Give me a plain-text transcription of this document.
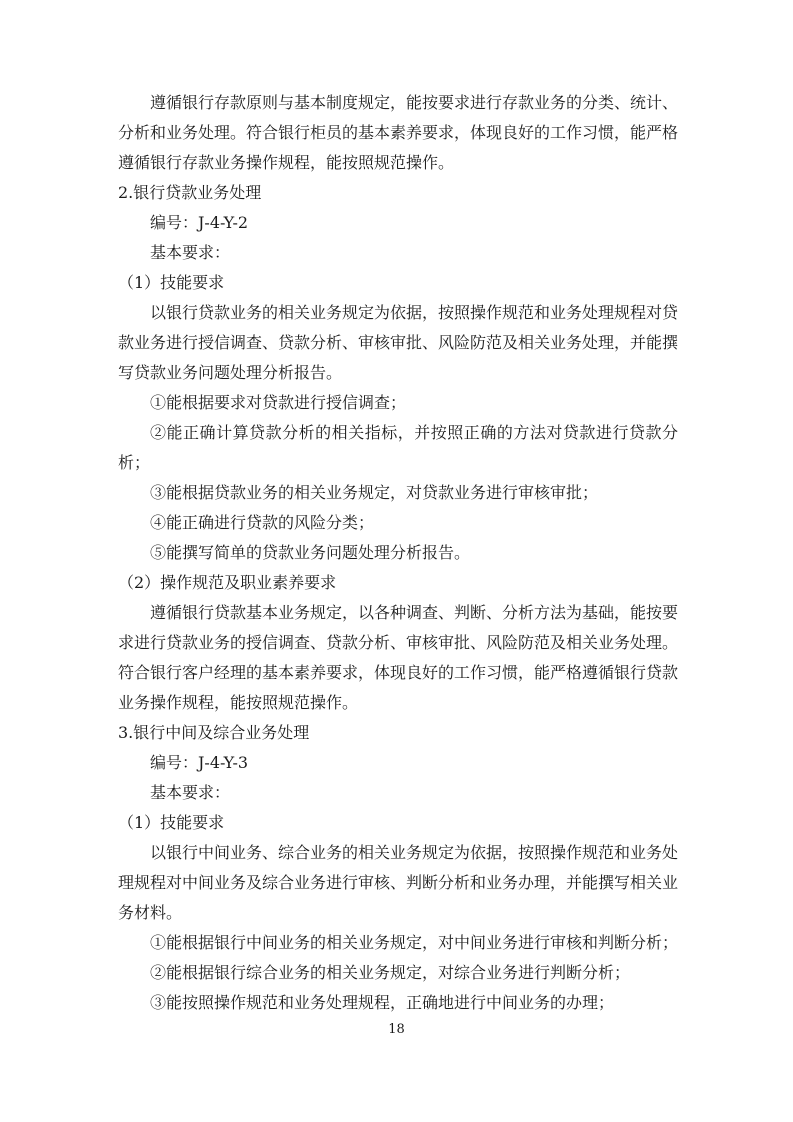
遵循银行存款原则与基本制度规定，能按要求进行存款业务的分类、统计、分析和业务处理。符合银行柜员的基本素养要求，体现良好的工作习惯，能严格遵循银行存款业务操作规程，能按照规范操作。

2.银行贷款业务处理

编号：J-4-Y-2

基本要求：

（1）技能要求

以银行贷款业务的相关业务规定为依据，按照操作规范和业务处理规程对贷款业务进行授信调查、贷款分析、审核审批、风险防范及相关业务处理，并能撰写贷款业务问题处理分析报告。

①能根据要求对贷款进行授信调查；

②能正确计算贷款分析的相关指标，并按照正确的方法对贷款进行贷款分析；

③能根据贷款业务的相关业务规定，对贷款业务进行审核审批；

④能正确进行贷款的风险分类；

⑤能撰写简单的贷款业务问题处理分析报告。

（2）操作规范及职业素养要求

遵循银行贷款基本业务规定，以各种调查、判断、分析方法为基础，能按要求进行贷款业务的授信调查、贷款分析、审核审批、风险防范及相关业务处理。符合银行客户经理的基本素养要求，体现良好的工作习惯，能严格遵循银行贷款业务操作规程，能按照规范操作。

3.银行中间及综合业务处理

编号：J-4-Y-3

基本要求：

（1）技能要求

以银行中间业务、综合业务的相关业务规定为依据，按照操作规范和业务处理规程对中间业务及综合业务进行审核、判断分析和业务办理，并能撰写相关业务材料。

①能根据银行中间业务的相关业务规定，对中间业务进行审核和判断分析；

②能根据银行综合业务的相关业务规定，对综合业务进行判断分析；

③能按照操作规范和业务处理规程，正确地进行中间业务的办理；

18
